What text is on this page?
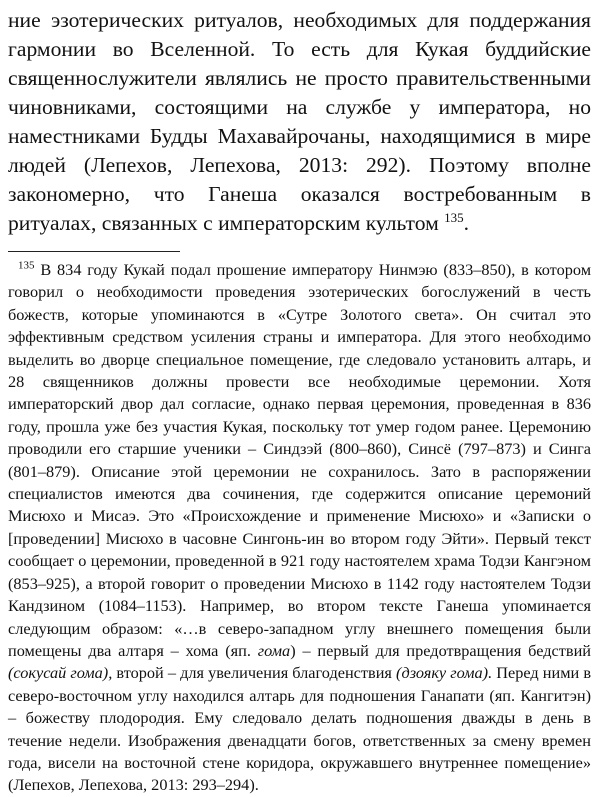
ние эзотерических ритуалов, необходимых для поддержания гармонии во Вселенной. То есть для Кукая буддийские священнослужители являлись не просто правительственными чиновниками, состоящими на службе у императора, но наместниками Будды Махавайрочаны, находящимися в мире людей (Лепехов, Лепехова, 2013: 292). Поэтому вполне закономерно, что Ганеша оказался востребованным в ритуалах, связанных с императорским культом $^{135}$.

$^{135}$ В 834 году Кукай подал прошение императору Нинмэю (833–850), в котором говорил о необходимости проведения эзотерических богослужений в честь божеств, которые упоминаются в «Сутре Золотого света». Он считал это эффективным средством усиления страны и императора. Для этого необходимо выделить во дворце специальное помещение, где следовало установить алтарь, и 28 священников должны провести все необходимые церемонии. Хотя императорский двор дал согласие, однако первая церемония, проведенная в 836 году, прошла уже без участия Кукая, поскольку тот умер годом ранее. Церемонию проводили его старшие ученики – Синдзэй (800–860), Синсё (797–873) и Синга (801–879). Описание этой церемонии не сохранилось. Зато в распоряжении специалистов имеются два сочинения, где содержится описание церемоний Мисюхо и Мисаэ. Это «Происхождение и применение Мисюхо» и «Записки о [проведении] Мисюхо в часовне Сингонь-ин во втором году Эйти». Первый текст сообщает о церемонии, проведенной в 921 году настоятелем храма Тодзи Кангэном (853–925), а второй говорит о проведении Мисюхо в 1142 году настоятелем Тодзи Кандзином (1084–1153). Например, во втором тексте Ганеша упоминается следующим образом: «…в северо-западном углу внешнего помещения были помещены два алтаря – хома (яп. гома) – первый для предотвращения бедствий (сокусай гома), второй – для увеличения благоденствия (дзояку гома). Перед ними в северо-восточном углу находился алтарь для подношения Ганапати (яп. Кангитэн) – божеству плодородия. Ему следовало делать подношения дважды в день в течение недели. Изображения двенадцати богов, ответственных за смену времен года, висели на восточной стене коридора, окружавшего внутреннее помещение» (Лепехов, Лепехова, 2013: 293–294).
